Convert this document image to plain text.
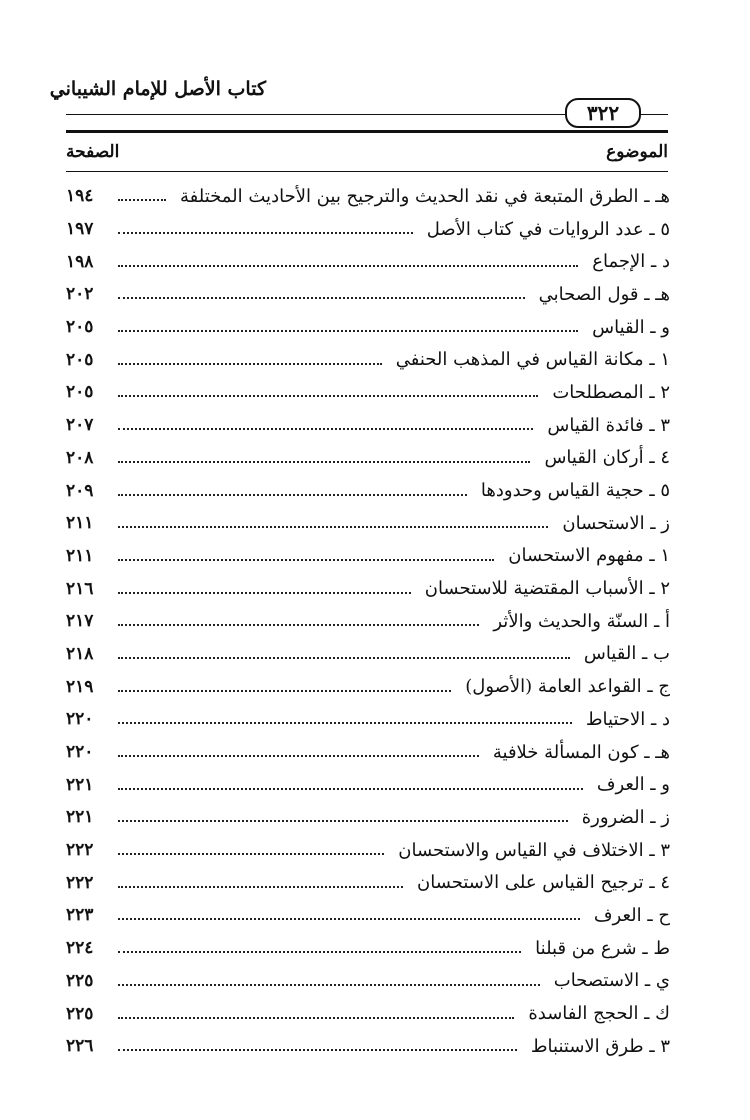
كتاب الأصل للإمام الشيباني
٣٢٢
الموضوع
الصفحة
هـ ـ الطرق المتبعة في نقد الحديث والترجيح بين الأحاديث المختلفة
١٩٤
٥ ـ عدد الروايات في كتاب الأصل
١٩٧
د ـ الإجماع
١٩٨
هـ ـ قول الصحابي
٢٠٢
و ـ القياس
٢٠٥
١ ـ مكانة القياس في المذهب الحنفي
٢٠٥
٢ ـ المصطلحات
٢٠٥
٣ ـ فائدة القياس
٢٠٧
٤ ـ أركان القياس
٢٠٨
٥ ـ حجية القياس وحدودها
٢٠٩
ز ـ الاستحسان
٢١١
١ ـ مفهوم الاستحسان
٢١١
٢ ـ الأسباب المقتضية للاستحسان
٢١٦
أ ـ السنّة والحديث والأثر
٢١٧
ب ـ القياس
٢١٨
ج ـ القواعد العامة (الأصول)
٢١٩
د ـ الاحتياط
٢٢٠
هـ ـ كون المسألة خلافية
٢٢٠
و ـ العرف
٢٢١
ز ـ الضرورة
٢٢١
٣ ـ الاختلاف في القياس والاستحسان
٢٢٢
٤ ـ ترجيح القياس على الاستحسان
٢٢٢
ح ـ العرف
٢٢٣
ط ـ شرع من قبلنا
٢٢٤
ي ـ الاستصحاب
٢٢٥
ك ـ الحجج الفاسدة
٢٢٥
٣ ـ طرق الاستنباط
٢٢٦
